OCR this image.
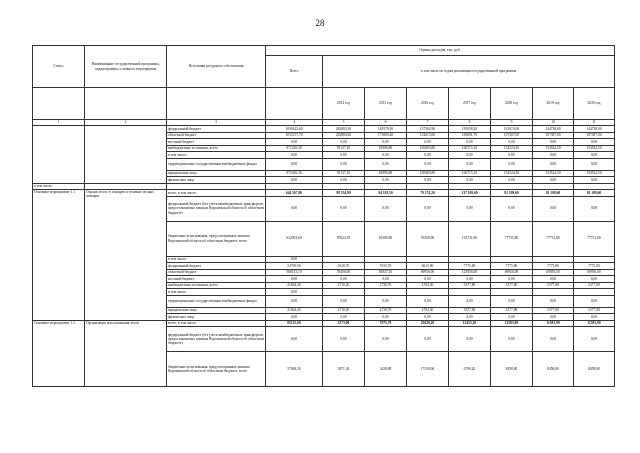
28
Статус	Наименование государственной программы, подпрограммы, основного мероприятия	Источники ресурсного обеспечения	Оценка расходов, тыс. руб.							
			Всего	в том числе по годам реализации государственной программы						
				2014 год	2015 год	2016 год	2017 год	2018 год	2019 год	2020 год
1	2	3	4	5	6	7	8	9	10	11
		федеральный бюджет	1099422,60	282083,30	149579,30	137362,90	139258,20	141674,90	144738,00	144738,00
		областной бюджет	1035157,70	220880,60	173809,40	132615,00	185691,70	107387,00	107387,00	107387,00
		местный бюджет	0,00	0,00	0,00	0,00	0,00	0,00	0,00	0,00
		внебюджетные источники, всего	971426,30	95137,10	81996,80	169403,80	160715,10	154524,50	154524,50	154524,50
		в том числе:	0,00	0,00	0,00	0,00	0,00	0,00	0,00	0,00
		территориальные государственные внебюджетные фонды	0,00	0,00	0,00	0,00	0,00	0,00	0,00	0,00
		юридические лица	971426,30	95137,10	81996,80	169403,80	160715,10	154524,50	154524,50	154524,50
		физические лица	0,00	0,00	0,00	0,00	0,00	0,00	0,00	0,00
в том числе:										
Основное мероприятие 1.1	Охрана лесов от пожаров и тушение лесных пожаров	всего, в том числе:	644 567,00	98 534,90	94 319,50	79 274,20	137 109,60	81 109,60	81 109,60	81 109,60
		федеральный бюджет (без учета межбюджетных трансфертов, предоставляемых законом Воронежской области об областном бюджете)	0,00	0,00	0,00	0,00	0,00	0,00	0,00	0,00
		бюджетные ассигнования, предусмотренные законом Воронежской области об областном бюджете, всего	622092,60	87824,70	91580,80	76569,90	133731,80	77731,80	77731,80	77731,80
		в том числе:	0,00							
		федеральный бюджет	54769,50	9418,70	7633,70	6613,90	7775,80	7775,80	7775,80	7775,80
		областной бюджет	568133,10	78406,00	83947,10	69956,00	125956,00	69956,00	69956,00	69956,00
		местный бюджет	0,00	0,00	0,00	0,00	0,00	0,00	0,00	0,00
		внебюджетные источники, всего	21664,40	2710,20	2738,70	2704,30	3377,80	3377,80	3377,80	3377,80
		в том числе:	0,00							
		территориальные государственные внебюджетные фонды	0,00	0,00	0,00	0,00	0,00	0,00	0,00	0,00
		юридические лица	21664,40	2710,20	2738,70	2704,30	3377,80	3377,80	3377,80	3377,80
		физические лица	0,00	0,00	0,00	0,00	0,00	0,00	0,00	0,00
Основное мероприятие 1.2	Организация использования лесов	всего, в том числе:	85125,60	5273,00	7075,70	25629,20	12455,20	11583,90	11583,90	11583,90
		федеральный бюджет (без учета межбюджетных трансфертов, предоставляемых законом Воронежской области об областном бюджете)	0,00	0,00	0,00	0,00	0,00	0,00	0,00	0,00
		бюджетные ассигнования, предусмотренные законом Воронежской области об областном бюджете, всего	57064,50	3871,30	3438,80	17538,00	6799,20	8458,80	8458,80	8458,80
